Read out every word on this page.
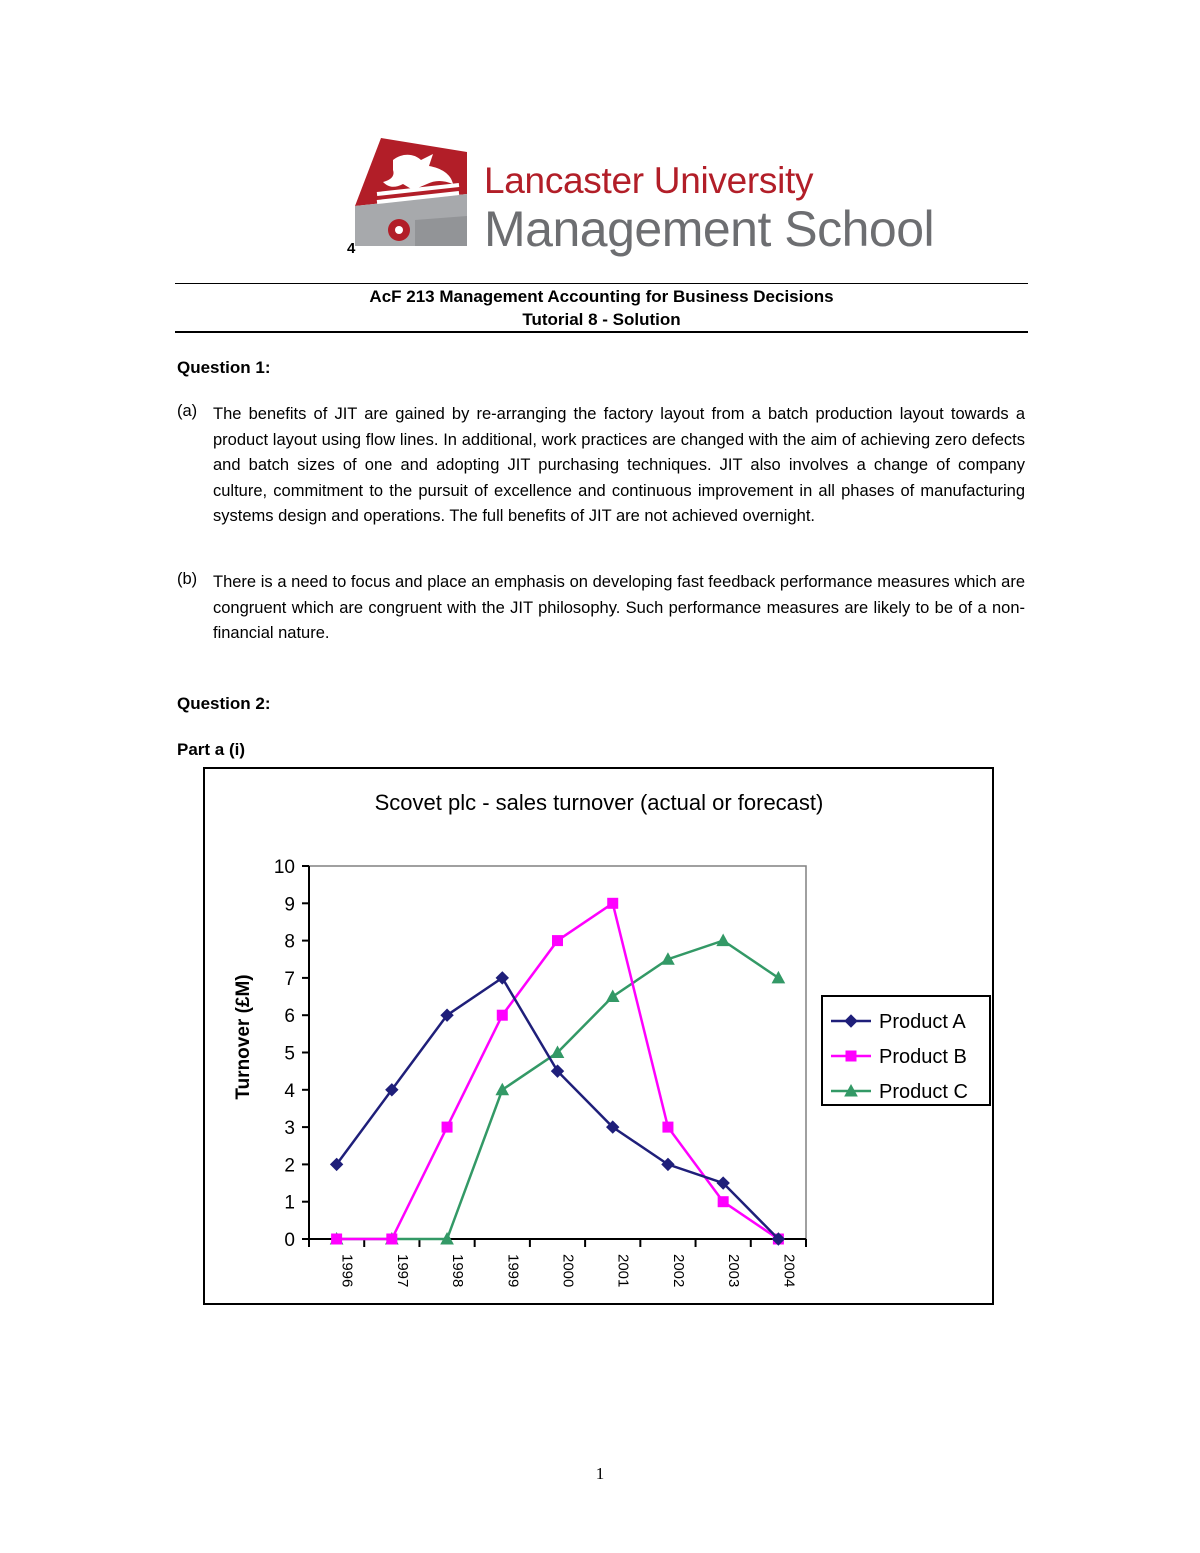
Lancaster University
Management School
4
AcF 213 Management Accounting for Business Decisions
Tutorial 8 - Solution
Question 1:
(a) The benefits of JIT are gained by re-arranging the factory layout from a batch production layout towards a product layout using flow lines. In additional, work practices are changed with the aim of achieving zero defects and batch sizes of one and adopting JIT purchasing techniques. JIT also involves a change of company culture, commitment to the pursuit of excellence and continuous improvement in all phases of manufacturing systems design and operations. The full benefits of JIT are not achieved overnight.
(b) There is a need to focus and place an emphasis on developing fast feedback performance measures which are congruent which are congruent with the JIT philosophy. Such performance measures are likely to be of a non-financial nature.
Question 2:
Part a (i)
Scovet plc - sales turnover (actual or forecast)
Turnover (£M)
0
1
2
3
4
5
6
7
8
9
10
1996	1997	1998	1999	2000	2001	2002	2003	2004
Product A
Product B
Product C
1
